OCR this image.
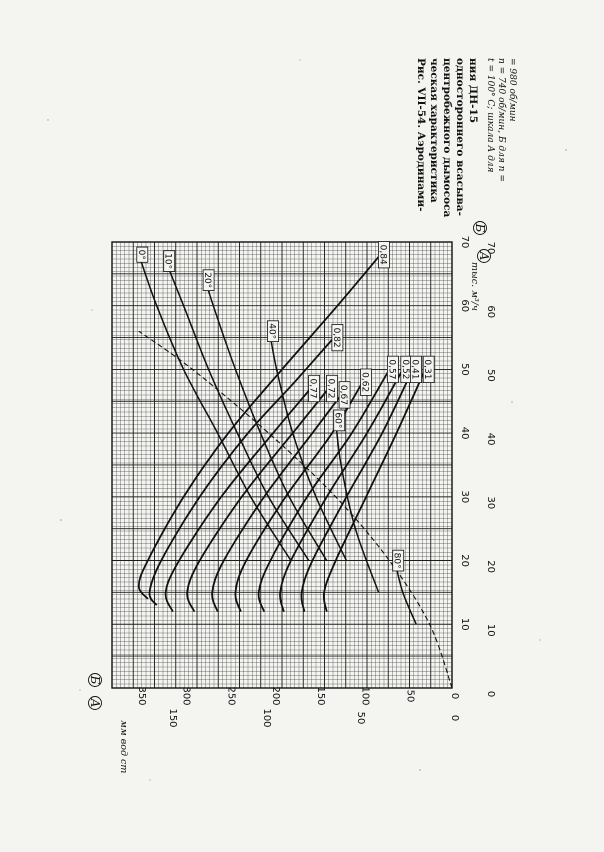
0,84
0,82
0,77 0,72 0,67
0,62
0,57 0,52 0,41 0,31
0° 10°
20°
40°
60°
80°
10
20
30
40
50
60
70
0
10
20
30
40
50
60
70
0
50
100
150
200
250
300
350
0
50
100
150
мм вод ст
тыс. м³/ч
Б
А
А
Б
Рис. VII-54. Аэродинами- ческая характеристика центробежного дымососа одностороннего всасыва- ния ДН-15 t = 100° C; шкала А для n = 740 об/мин, Б для n = = 980 об/мин
